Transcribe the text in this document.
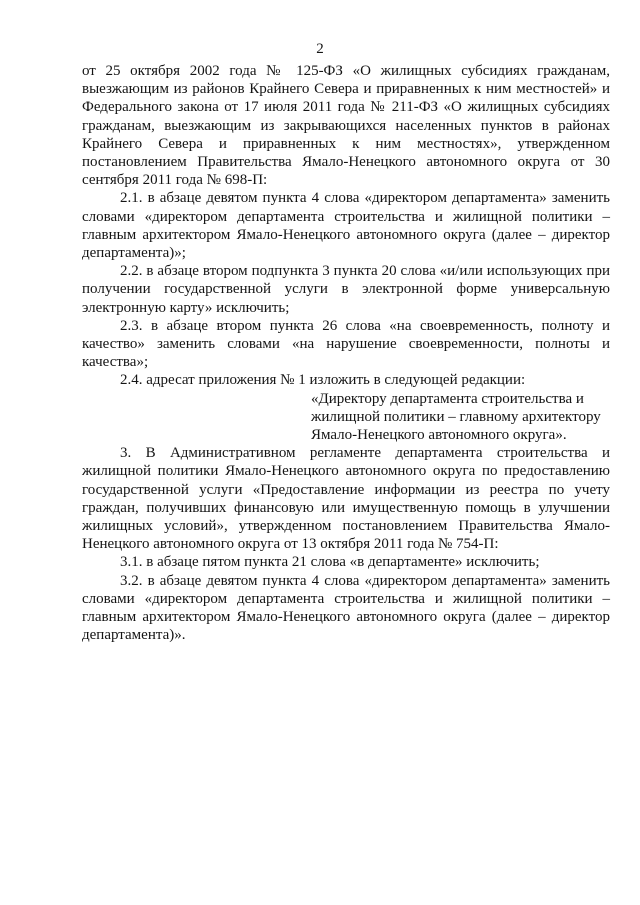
2

от 25 октября 2002 года № 125-ФЗ «О жилищных субсидиях гражданам, выезжающим из районов Крайнего Севера и приравненных к ним местностей» и Федерального закона от 17 июля 2011 года № 211-ФЗ «О жилищных субсидиях гражданам, выезжающим из закрывающихся населенных пунктов в районах Крайнего Севера и приравненных к ним местностях», утвержденном постановлением Правительства Ямало-Ненецкого автономного округа от 30 сентября 2011 года № 698-П:

2.1. в абзаце девятом пункта 4 слова «директором департамента» заменить словами «директором департамента строительства и жилищной политики – главным архитектором Ямало-Ненецкого автономного округа (далее – директор департамента)»;

2.2. в абзаце втором подпункта 3 пункта 20 слова «и/или использующих при получении государственной услуги в электронной форме универсальную электронную карту» исключить;

2.3. в абзаце втором пункта 26 слова «на своевременность, полноту и качество» заменить словами «на нарушение своевременности, полноты и качества»;

2.4. адресат приложения № 1 изложить в следующей редакции:

«Директору департамента строительства и жилищной политики – главному архитектору Ямало-Ненецкого автономного округа».

3. В Административном регламенте департамента строительства и жилищной политики Ямало-Ненецкого автономного округа по предоставлению государственной услуги «Предоставление информации из реестра по учету граждан, получивших финансовую или имущественную помощь в улучшении жилищных условий», утвержденном постановлением Правительства Ямало-Ненецкого автономного округа от 13 октября 2011 года № 754-П:

3.1. в абзаце пятом пункта 21 слова «в департаменте» исключить;

3.2. в абзаце девятом пункта 4 слова «директором департамента» заменить словами «директором департамента строительства и жилищной политики – главным архитектором Ямало-Ненецкого автономного округа (далее – директор департамента)».
